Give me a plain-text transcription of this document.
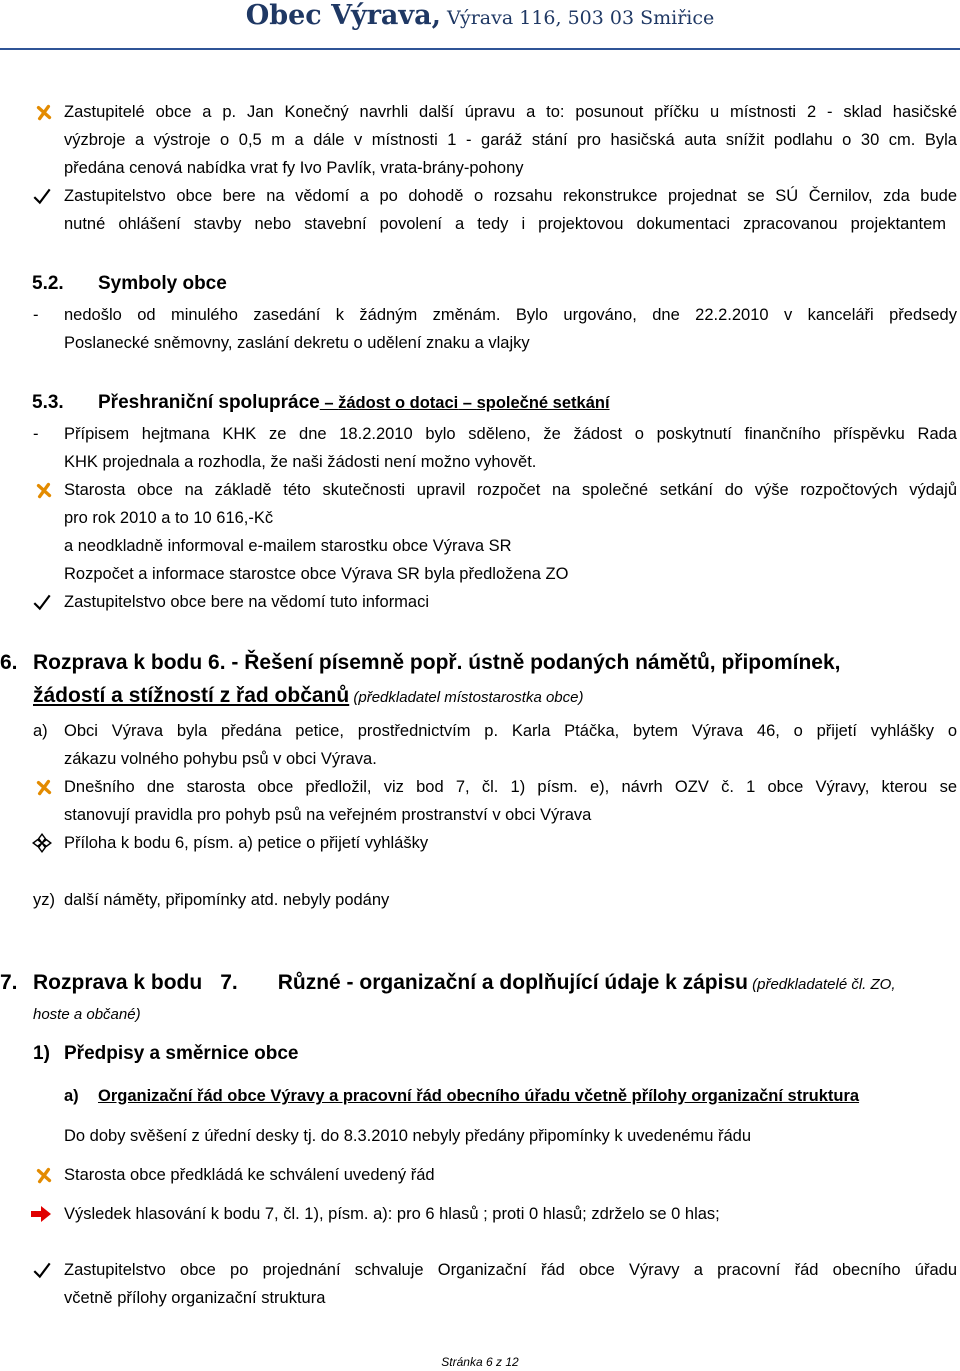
Obec Výrava, Výrava 116, 503 03 Smiřice
Zastupitelé obce a p. Jan Konečný navrhli další úpravu a to: posunout příčku u místnosti 2 - sklad hasičské
výzbroje a výstroje o 0,5 m a dále v místnosti 1 - garáž stání pro hasičská auta snížit podlahu o 30 cm. Byla
předána cenová nabídka vrat fy Ivo Pavlík, vrata-brány-pohony
Zastupitelstvo obce bere na vědomí a po dohodě o rozsahu rekonstrukce projednat se SÚ Černilov, zda bude
nutné ohlášení stavby nebo stavební povolení a tedy i projektovou dokumentaci zpracovanou projektantem
5.2. Symboly obce
- nedošlo od minulého zasedání k žádným změnám. Bylo urgováno, dne 22.2.2010 v kanceláři předsedy
Poslanecké sněmovny, zaslání dekretu o udělení znaku a vlajky
5.3. Přeshraniční spolupráce – žádost o dotaci – společné setkání
- Přípisem hejtmana KHK ze dne 18.2.2010 bylo sděleno, že žádost o poskytnutí finančního příspěvku Rada
KHK projednala a rozhodla, že naši žádosti není možno vyhovět.
Starosta obce na základě této skutečnosti upravil rozpočet na společné setkání do výše rozpočtových výdajů
pro rok 2010 a to 10 616,-Kč
a neodkladně informoval e-mailem starostku obce Výrava SR
Rozpočet a informace starostce obce Výrava SR byla předložena ZO
Zastupitelstvo obce bere na vědomí tuto informaci
6. Rozprava k bodu 6. - Řešení písemně popř. ústně podaných námětů, připomínek,
žádostí a stížností z řad občanů (předkladatel místostarostka obce)
a) Obci Výrava byla předána petice, prostřednictvím p. Karla Ptáčka, bytem Výrava 46, o přijetí vyhlášky o
zákazu volného pohybu psů v obci Výrava.
Dnešního dne starosta obce předložil, viz bod 7, čl. 1) písm. e), návrh OZV č. 1 obce Výravy, kterou se
stanovují pravidla pro pohyb psů na veřejném prostranství v obci Výrava
Příloha k bodu 6, písm. a) petice o přijetí vyhlášky
yz) další náměty, připomínky atd. nebyly podány
7. Rozprava k bodu 7. Různé - organizační a doplňující údaje k zápisu (předkladatelé čl. ZO,
hoste a občané)
1) Předpisy a směrnice obce
a) Organizační řád obce Výravy a pracovní řád obecního úřadu včetně přílohy organizační struktura
Do doby svěšení z úřední desky tj. do 8.3.2010 nebyly předány připomínky k uvedenému řádu
Starosta obce předkládá ke schválení uvedený řád
Výsledek hlasování k bodu 7, čl. 1), písm. a): pro 6 hlasů ; proti 0 hlasů; zdrželo se 0 hlas;
Zastupitelstvo obce po projednání schvaluje Organizační řád obce Výravy a pracovní řád obecního úřadu
včetně přílohy organizační struktura
Stránka 6 z 12
